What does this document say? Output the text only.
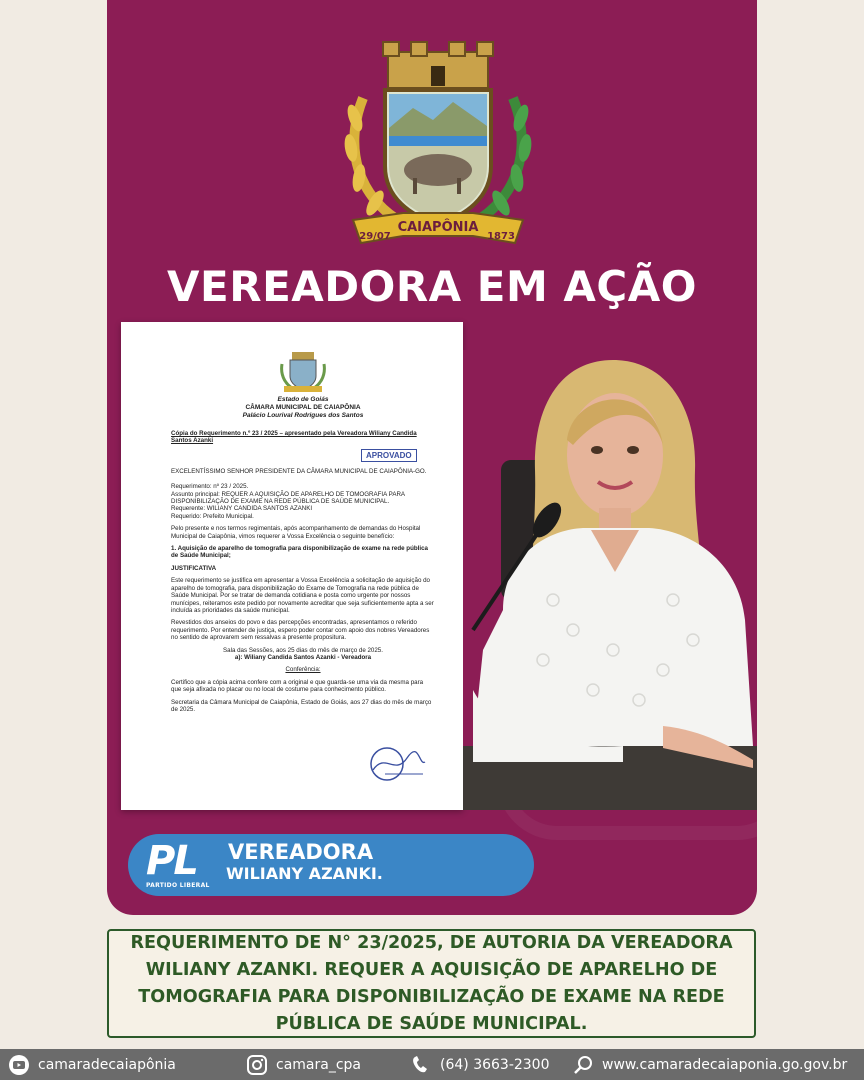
CAIAPÔNIA
29/07	1873
VEREADORA EM AÇÃO
Estado de Goiás
CÂMARA MUNICIPAL DE CAIAPÔNIA
Palácio Lourival Rodrigues dos Santos

Cópia do Requerimento n.º 23 / 2025 – apresentado pela Vereadora Wiliany Candida Santos Azanki

APROVADO

EXCELENTÍSSIMO SENHOR PRESIDENTE DA CÂMARA MUNICIPAL DE CAIAPÔNIA-GO.

Requerimento: nº 23 / 2025.

Assunto principal: REQUER A AQUISIÇÃO DE APARELHO DE TOMOGRAFIA PARA DISPONIBILIZAÇÃO DE EXAME NA REDE PÚBLICA DE SAÚDE MUNICIPAL.

Requerente: WILIANY CANDIDA SANTOS AZANKI

Requerido: Prefeito Municipal.

Pelo presente e nos termos regimentais, após acompanhamento de demandas do Hospital Municipal de Caiapônia, vimos requerer a Vossa Excelência o seguinte benefício:

1. Aquisição de aparelho de tomografia para disponibilização de exame na rede pública de Saúde Municipal;

JUSTIFICATIVA

Este requerimento se justifica em apresentar a Vossa Excelência a solicitação de aquisição do aparelho de tomografia, para disponibilização do Exame de Tomografia na rede pública de Saúde Municipal. Por se tratar de demanda cotidiana e posta como urgente por nossos munícipes, reiteramos este pedido por novamente acreditar que seja suficientemente apta a ser incluída as prioridades da saúde municipal.

Revestidos dos anseios do povo e das percepções encontradas, apresentamos o referido requerimento. Por entender de justiça, espero poder contar com apoio dos nobres Vereadores no sentido de aprovarem sem ressalvas a presente propositura.

Sala das Sessões, aos 25 dias do mês de março de 2025.

a): Wiliany Candida Santos Azanki - Vereadora

Conferência:

Certifico que a cópia acima confere com a original e que guarda-se uma via da mesma para que seja afixada no placar ou no local de costume para conhecimento público.

Secretaria da Câmara Municipal de Caiapônia, Estado de Goiás, aos 27 dias do mês de março de 2025.

PL
PARTIDO LIBERAL
VEREADORA
WILIANY AZANKI.
REQUERIMENTO DE N° 23/2025, DE AUTORIA DA VEREADORA WILIANY AZANKI. REQUER A AQUISIÇÃO DE APARELHO DE TOMOGRAFIA PARA DISPONIBILIZAÇÃO DE EXAME NA REDE PÚBLICA DE SAÚDE MUNICIPAL.
camaradecaiapônia	camara_cpa	(64) 3663-2300	www.camaradecaiaponia.go.gov.br
